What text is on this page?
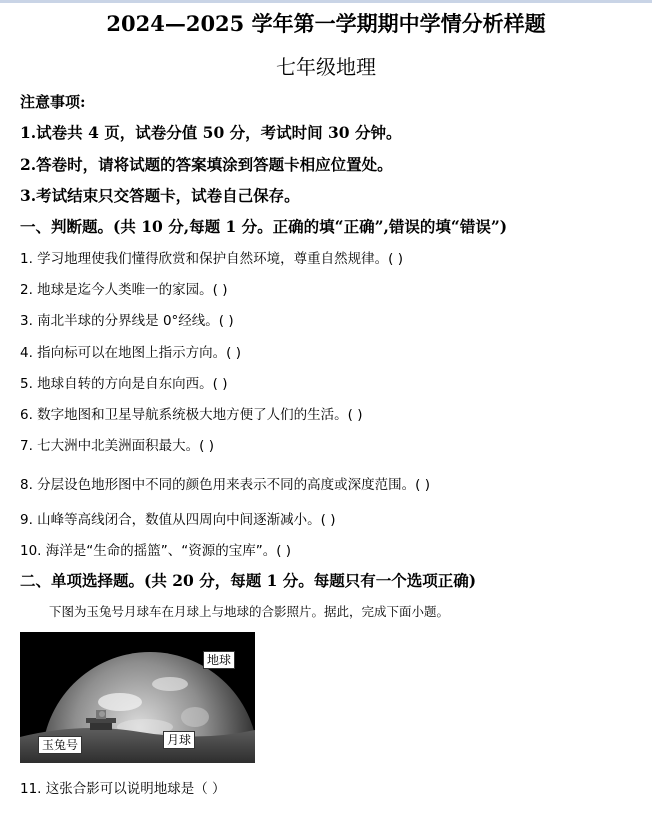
2024—2025 学年第一学期期中学情分析样题
七年级地理
注意事项:
1.试卷共 4 页，试卷分值 50 分，考试时间 30 分钟。
2.答卷时，请将试题的答案填涂到答题卡相应位置处。
3.考试结束只交答题卡，试卷自己保存。
一、判断题。(共 10 分,每题 1 分。正确的填“正确”,错误的填“错误”)
1. 学习地理使我们懂得欣赏和保护自然环境，尊重自然规律。( )
2. 地球是迄今人类唯一的家园。( )
3. 南北半球的分界线是 0°经线。( )
4. 指向标可以在地图上指示方向。( )
5. 地球自转的方向是自东向西。( )
6. 数字地图和卫星导航系统极大地方便了人们的生活。( )
7. 七大洲中北美洲面积最大。( )
8. 分层设色地形图中不同的颜色用来表示不同的高度或深度范围。( )
9. 山峰等高线闭合，数值从四周向中间逐渐减小。( )
10. 海洋是“生命的摇篮”、“资源的宝库”。( )
二、单项选择题。(共 20 分，每题 1 分。每题只有一个选项正确)
下图为玉兔号月球车在月球上与地球的合影照片。据此，完成下面小题。
地球
玉兔号	月球
11. 这张合影可以说明地球是（ ）
